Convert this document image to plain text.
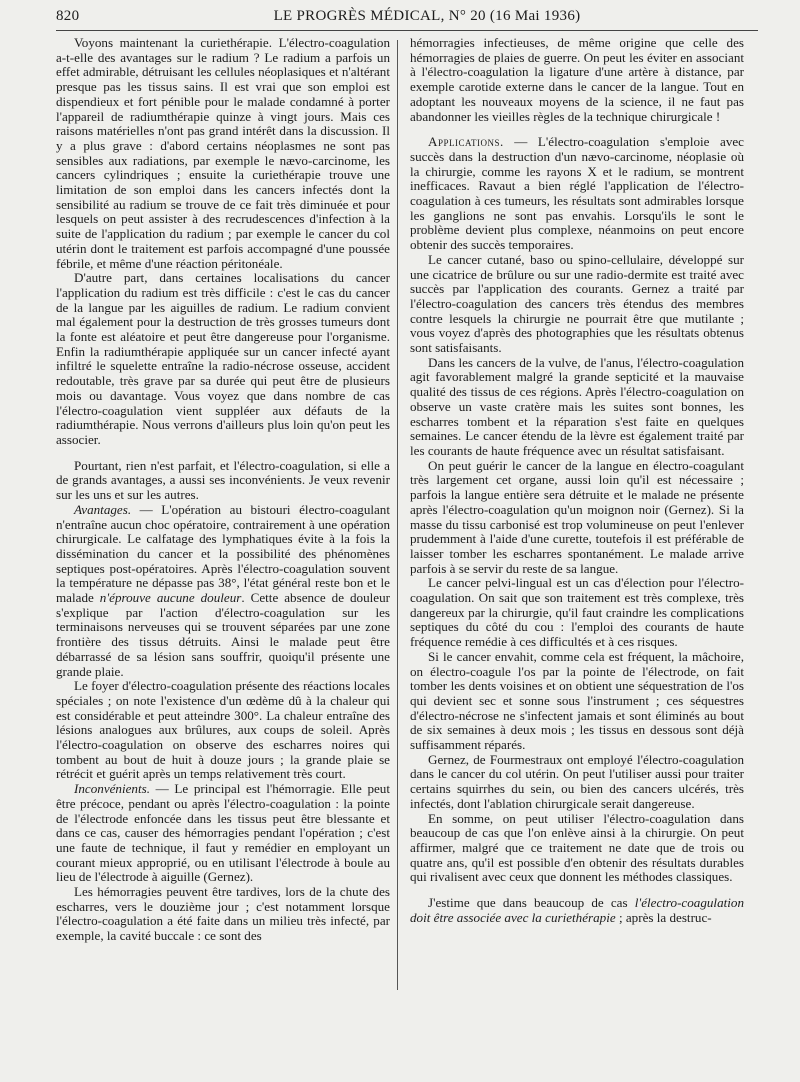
820	LE PROGRÈS MÉDICAL, N° 20 (16 Mai 1936)

Voyons maintenant la curiethérapie. L'électro-coagulation a-t-elle des avantages sur le radium ? Le radium a parfois un effet admirable, détruisant les cellules néoplasiques et n'altérant presque pas les tissus sains. Il est vrai que son emploi est dispendieux et fort pénible pour le malade condamné à porter l'appareil de radiumthérapie quinze à vingt jours. Mais ces raisons matérielles n'ont pas grand intérêt dans la discussion. Il y a plus grave : d'abord certains néoplasmes ne sont pas sensibles aux radiations, par exemple le nævo-carcinome, les cancers cylindriques ; ensuite la curiethérapie trouve une limitation de son emploi dans les cancers infectés dont la sensibilité au radium se trouve de ce fait très diminuée et pour lesquels on peut assister à des recrudescences d'infection à la suite de l'application du radium ; par exemple le cancer du col utérin dont le traitement est parfois accompagné d'une poussée fébrile, et même d'une réaction péritonéale.

D'autre part, dans certaines localisations du cancer l'application du radium est très difficile : c'est le cas du cancer de la langue par les aiguilles de radium. Le radium convient mal également pour la destruction de très grosses tumeurs dont la fonte est aléatoire et peut être dangereuse pour l'organisme. Enfin la radiumthérapie appliquée sur un cancer infecté ayant infiltré le squelette entraîne la radio-nécrose osseuse, accident redoutable, très grave par sa durée qui peut être de plusieurs mois ou davantage. Vous voyez que dans nombre de cas l'électro-coagulation vient suppléer aux défauts de la radiumthérapie. Nous verrons d'ailleurs plus loin qu'on peut les associer.

Pourtant, rien n'est parfait, et l'électro-coagulation, si elle a de grands avantages, a aussi ses inconvénients. Je veux revenir sur les uns et sur les autres.

Avantages. — L'opération au bistouri électro-coagulant n'entraîne aucun choc opératoire, contrairement à une opération chirurgicale. Le calfatage des lymphatiques évite à la fois la dissémination du cancer et la possibilité des phénomènes septiques post-opératoires. Après l'électro-coagulation souvent la température ne dépasse pas 38°, l'état général reste bon et le malade n'éprouve aucune douleur. Cette absence de douleur s'explique par l'action d'électro-coagulation sur les terminaisons nerveuses qui se trouvent séparées par une zone frontière des tissus détruits. Ainsi le malade peut être débarrassé de sa lésion sans souffrir, quoiqu'il présente une grande plaie.

Le foyer d'électro-coagulation présente des réactions locales spéciales ; on note l'existence d'un œdème dû à la chaleur qui est considérable et peut atteindre 300°. La chaleur entraîne des lésions analogues aux brûlures, aux coups de soleil. Après l'électro-coagulation on observe des escharres noires qui tombent au bout de huit à douze jours ; la grande plaie se rétrécit et guérit après un temps relativement très court.

Inconvénients. — Le principal est l'hémorragie. Elle peut être précoce, pendant ou après l'électro-coagulation : la pointe de l'électrode enfoncée dans les tissus peut être blessante et dans ce cas, causer des hémorragies pendant l'opération ; c'est une faute de technique, il faut y remédier en employant un courant mieux approprié, ou en utilisant l'électrode à boule au lieu de l'électrode à aiguille (Gernez).

Les hémorragies peuvent être tardives, lors de la chute des escharres, vers le douzième jour ; c'est notamment lorsque l'électro-coagulation a été faite dans un milieu très infecté, par exemple, la cavité buccale : ce sont des

hémorragies infectieuses, de même origine que celle des hémorragies de plaies de guerre. On peut les éviter en associant à l'électro-coagulation la ligature d'une artère à distance, par exemple carotide externe dans le cancer de la langue. Tout en adoptant les nouveaux moyens de la science, il ne faut pas abandonner les vieilles règles de la technique chirurgicale !

Applications. — L'électro-coagulation s'emploie avec succès dans la destruction d'un nævo-carcinome, néoplasie où la chirurgie, comme les rayons X et le radium, se montrent inefficaces. Ravaut a bien réglé l'application de l'électro-coagulation à ces tumeurs, les résultats sont admirables lorsque les ganglions ne sont pas envahis. Lorsqu'ils le sont le problème devient plus complexe, néanmoins on peut encore obtenir des succès temporaires.

Le cancer cutané, baso ou spino-cellulaire, développé sur une cicatrice de brûlure ou sur une radio-dermite est traité avec succès par l'application des courants. Gernez a traité par l'électro-coagulation des cancers très étendus des membres contre lesquels la chirurgie ne pourrait être que mutilante ; vous voyez d'après des photographies que les résultats obtenus sont satisfaisants.

Dans les cancers de la vulve, de l'anus, l'électro-coagulation agit favorablement malgré la grande septicité et la mauvaise qualité des tissus de ces régions. Après l'électro-coagulation on observe un vaste cratère mais les suites sont bonnes, les escharres tombent et la réparation s'est faite en quelques semaines. Le cancer étendu de la lèvre est également traité par les courants de haute fréquence avec un résultat satisfaisant.

On peut guérir le cancer de la langue en électro-coagulant très largement cet organe, aussi loin qu'il est nécessaire ; parfois la langue entière sera détruite et le malade ne présente après l'électro-coagulation qu'un moignon noir (Gernez). Si la masse du tissu carbonisé est trop volumineuse on peut l'enlever prudemment à l'aide d'une curette, toutefois il est préférable de laisser tomber les escharres spontanément. Le malade arrive parfois à se servir du reste de sa langue.

Le cancer pelvi-lingual est un cas d'élection pour l'électro-coagulation. On sait que son traitement est très complexe, très dangereux par la chirurgie, qu'il faut craindre les complications septiques du côté du cou : l'emploi des courants de haute fréquence remédie à ces difficultés et à ces risques.

Si le cancer envahit, comme cela est fréquent, la mâchoire, on électro-coagule l'os par la pointe de l'électrode, on fait tomber les dents voisines et on obtient une séquestration de l'os qui devient sec et sonne sous l'instrument ; ces séquestres d'électro-nécrose ne s'infectent jamais et sont éliminés au bout de six semaines à deux mois ; les tissus en dessous sont déjà suffisamment réparés.

Gernez, de Fourmestraux ont employé l'électro-coagulation dans le cancer du col utérin. On peut l'utiliser aussi pour traiter certains squirrhes du sein, ou bien des cancers ulcérés, très infectés, dont l'ablation chirurgicale serait dangereuse.

En somme, on peut utiliser l'électro-coagulation dans beaucoup de cas que l'on enlève ainsi à la chirurgie. On peut affirmer, malgré que ce traitement ne date que de trois ou quatre ans, qu'il est possible d'en obtenir des résultats durables qui rivalisent avec ceux que donnent les méthodes classiques.

J'estime que dans beaucoup de cas l'électro-coagulation doit être associée avec la curiethérapie ; après la destruc-
